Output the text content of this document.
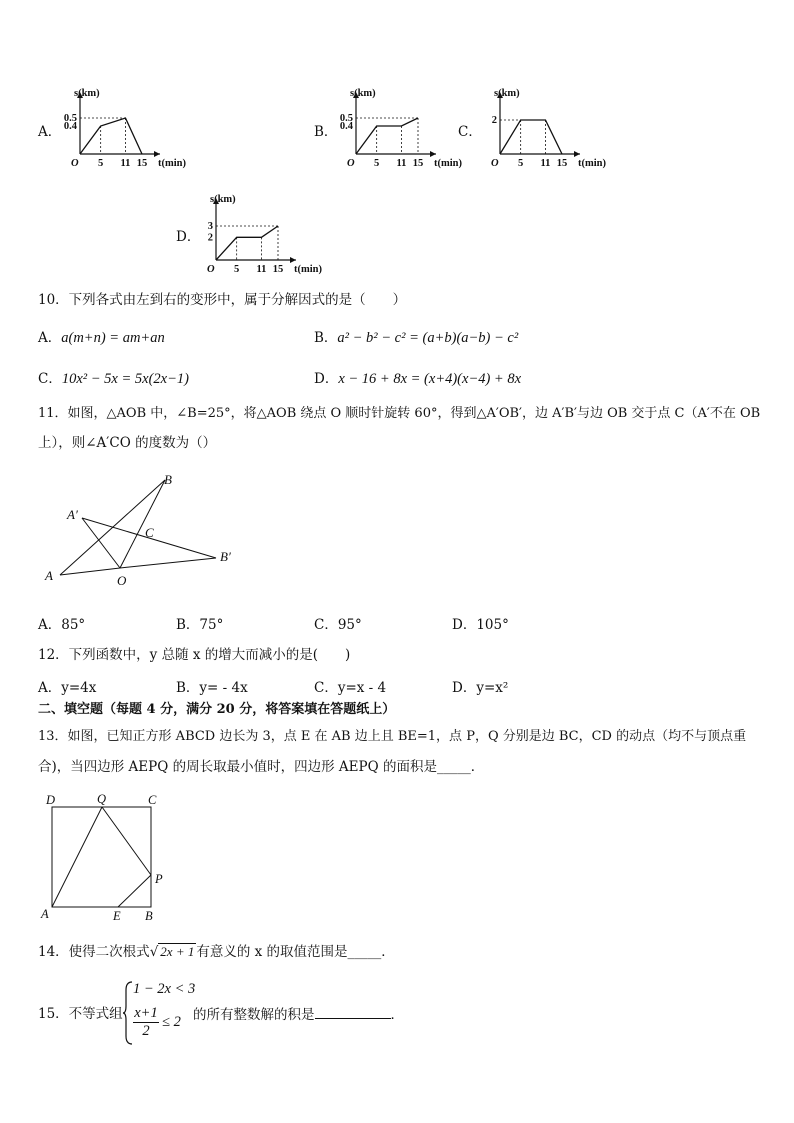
A．
0.5
0.4
5 11 15
O
s(km)
t(min)
B．
0.5
0.4
5 11 15
O
s(km)
t(min)
C．
2
5 11 15
O
s(km)
t(min)
D．
3
2
5 11 15
O
s(km)
t(min)
10．下列各式由左到右的变形中，属于分解因式的是（　　）
A．a(m+n) = am+an	B．a² − b² − c² = (a+b)(a−b) − c²
C．10x² − 5x = 5x(2x−1)	D．x − 16 + 8x = (x+4)(x−4) + 8x
11．如图，△AOB 中，∠B=25°，将△AOB 绕点 O 顺时针旋转 60°，得到△A′OB′，边 A′B′与边 OB 交于点 C（A′不在 OB
上），则∠A′CO 的度数为（）
A	O
B
A′
B′
C
A．85°	B．75°	C．95°	D．105°
12．下列函数中，y 总随 x 的增大而减小的是(　　)
A．y=4x	B．y= - 4x	C．y=x - 4	D．y=x²
二、填空题（每题 4 分，满分 20 分，将答案填在答题纸上）
13．如图，已知正方形 ABCD 边长为 3，点 E 在 AB 边上且 BE=1，点 P，Q 分别是边 BC，CD 的动点（均不与顶点重
合)，当四边形 AEPQ 的周长取最小值时，四边形 AEPQ 的面积是_____．
D	Q	C
P
A	E B
14．使得二次根式√ 2x + 1 有意义的 x 的取值范围是_____．
15．不等式组
1 − 2x < 3
x+1
2
≤ 2 的所有整数解的积是	．
